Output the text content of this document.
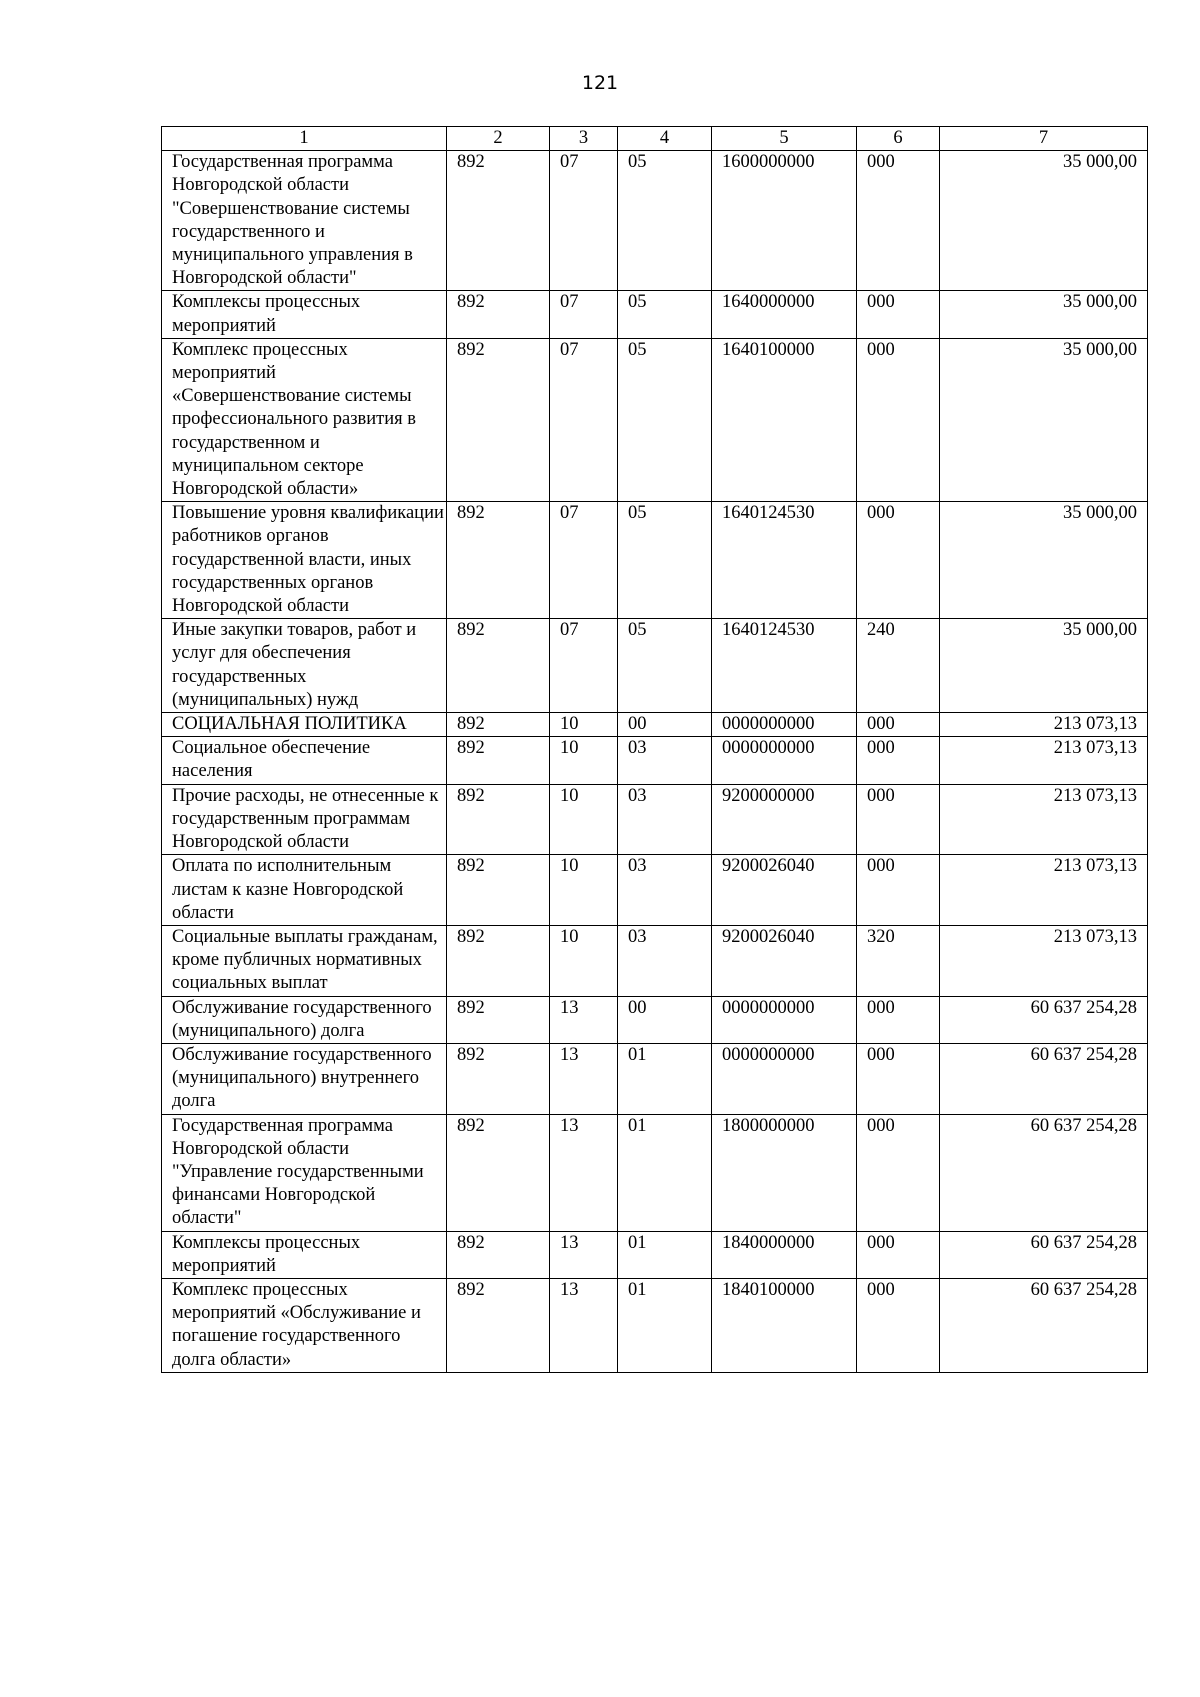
121
1	2	3	4	5	6	7
Государственная программа Новгородской области "Совершенствование системы государственного и муниципального управления в Новгородской области"	892	07	05	1600000000	000	35 000,00
Комплексы процессных мероприятий	892	07	05	1640000000	000	35 000,00
Комплекс процессных мероприятий «Совершенствование системы профессионального развития в государственном и муниципальном секторе Новгородской области»	892	07	05	1640100000	000	35 000,00
Повышение уровня квалификации работников органов государственной власти, иных государственных органов Новгородской области	892	07	05	1640124530	000	35 000,00
Иные закупки товаров, работ и услуг для обеспечения государственных (муниципальных) нужд	892	07	05	1640124530	240	35 000,00
СОЦИАЛЬНАЯ ПОЛИТИКА	892	10	00	0000000000	000	213 073,13
Социальное обеспечение населения	892	10	03	0000000000	000	213 073,13
Прочие расходы, не отнесенные к государственным программам Новгородской области	892	10	03	9200000000	000	213 073,13
Оплата по исполнительным листам к казне Новгородской области	892	10	03	9200026040	000	213 073,13
Социальные выплаты гражданам, кроме публичных нормативных социальных выплат	892	10	03	9200026040	320	213 073,13
Обслуживание государственного (муниципального) долга	892	13	00	0000000000	000	60 637 254,28
Обслуживание государственного (муниципального) внутреннего долга	892	13	01	0000000000	000	60 637 254,28
Государственная программа Новгородской области "Управление государственными финансами Новгородской области"	892	13	01	1800000000	000	60 637 254,28
Комплексы процессных мероприятий	892	13	01	1840000000	000	60 637 254,28
Комплекс процессных мероприятий «Обслуживание и погашение государственного долга области»	892	13	01	1840100000	000	60 637 254,28
